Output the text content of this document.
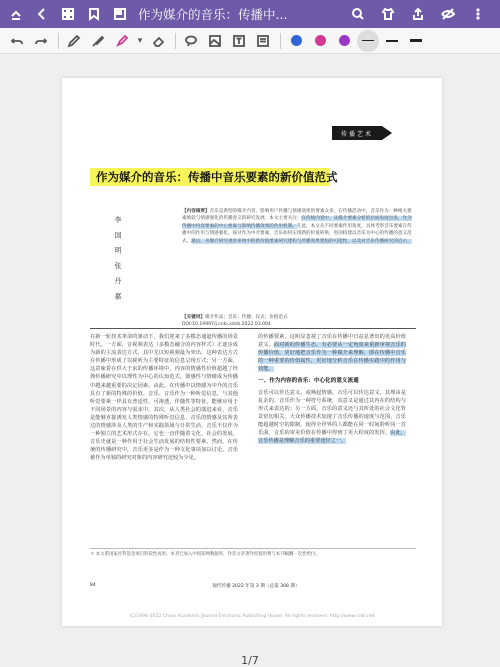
作为媒介的音乐：传播中...
▾
传播艺术
作为媒介的音乐：传播中音乐要素的新价值范式
李 国 明 张 丹 嘉
【内容摘要】音乐是典型的媒介内容，影响用户传播与情感效果的要素众多，在传播活动中，音乐作为一种相关要素被较与情感强化的传播意义的研究发展，本文主要关注：在传统内容中，从媒介要素分析的层面角度出发，作为传播中内容要素的中心要素与影响传播效果的作用机制。在此，本文从不同要素作用角度，具体考察音乐要素在传播中的作用与情感强化，探讨作为中介要素，音乐如何实现新的价值转换，进而构建以音乐为中心的传播的意义范式。最后，从媒介研究视角审视中的新价值要素研究建构与传播效果建构的可能性，以及对音乐传播研究的启示。
【关键词】媒介作品；音乐；传播；仪式；价值范式
DOI:10.19997/j.cnki.xdcb.2022.03.004
在新一轮技术革命的驱动下，我们迎来了多模态通道传播的场景时代。一方面，音视频表达（多模态融合的内容样式）正逐步成为新的主流表达方式，其中尤以短视频最为突出，这种表达方式在传播中形成了以视听为主要特征的信息呈现方式；另一方面，这意味着在供大于求的传播环境中，内容的情感性价值超越了经典传播研究中以理性为中心的认知范式，即感性与情绪成为传播中越来越重要的决定因素。由此，在传播中以情感为中介的音乐具有了新的特殊的价值。音乐、音乐作为一种听觉信息，与其他听觉要素一样具有普适性，可渗透，伴随性等特征，能够应用于不同场景的内容与需求中。其次，从人类社会的演进来看，音乐是能够直接诱发人类情感的特殊听觉信息，音乐的情感及其所表达的情感涉及人类的生产和实践领域与日常生活，音乐不仅作为一种独立的艺术形式存在，它也一直伴随着文化、社会的发展，音乐史就是一种作用于社会生活发展的结构性要素。然而，在传统的传播研究中，音乐更多是作为一种文化事项加以讨论，音乐被作为单独的研究对象的内容研究还较为少见。
的传播要素，这明显忽视了音乐在传播中日益显著出的更高价值意义。面对新的传播生态，有必要从一定角度来重新审视音乐的传播价值，更好地把音乐作为一种媒介来理解，即在传播中音乐的一种重要的价值属性，更好地分析音乐在传播实践中的作用与效能。
一、作为内容的音乐：中心化的意义流通
音乐可以传达意义，或唤起情感。音乐可以传达意义，其理由是复杂的。音乐作为一种符号系统，其意义是通过其内在的结构与形式来表达的；另一方面，音乐的意义还与其所处的社会文化背景密切相关。大众传播技术加速了音乐传播的速度与范围，音乐能超越时空的限制，使得全世界的人都能在同一时间聆听同一首乐曲，音乐的审美价值在传播中得到了更大程度的发挥。由此，音乐传播是理解音乐的重要途径之一。
＊ 本文系国家社科基金项目阶段性成果。本刊已加入中国知网数据库，作者文章著作权使用费与本刊稿酬一次性给付。
84	现代传播 2022 年第 3 期（总第 308 期）
(C)1994-2022 China Academic Journal Electronic Publishing House. All rights reserved. http://www.cnki.net
1/7
